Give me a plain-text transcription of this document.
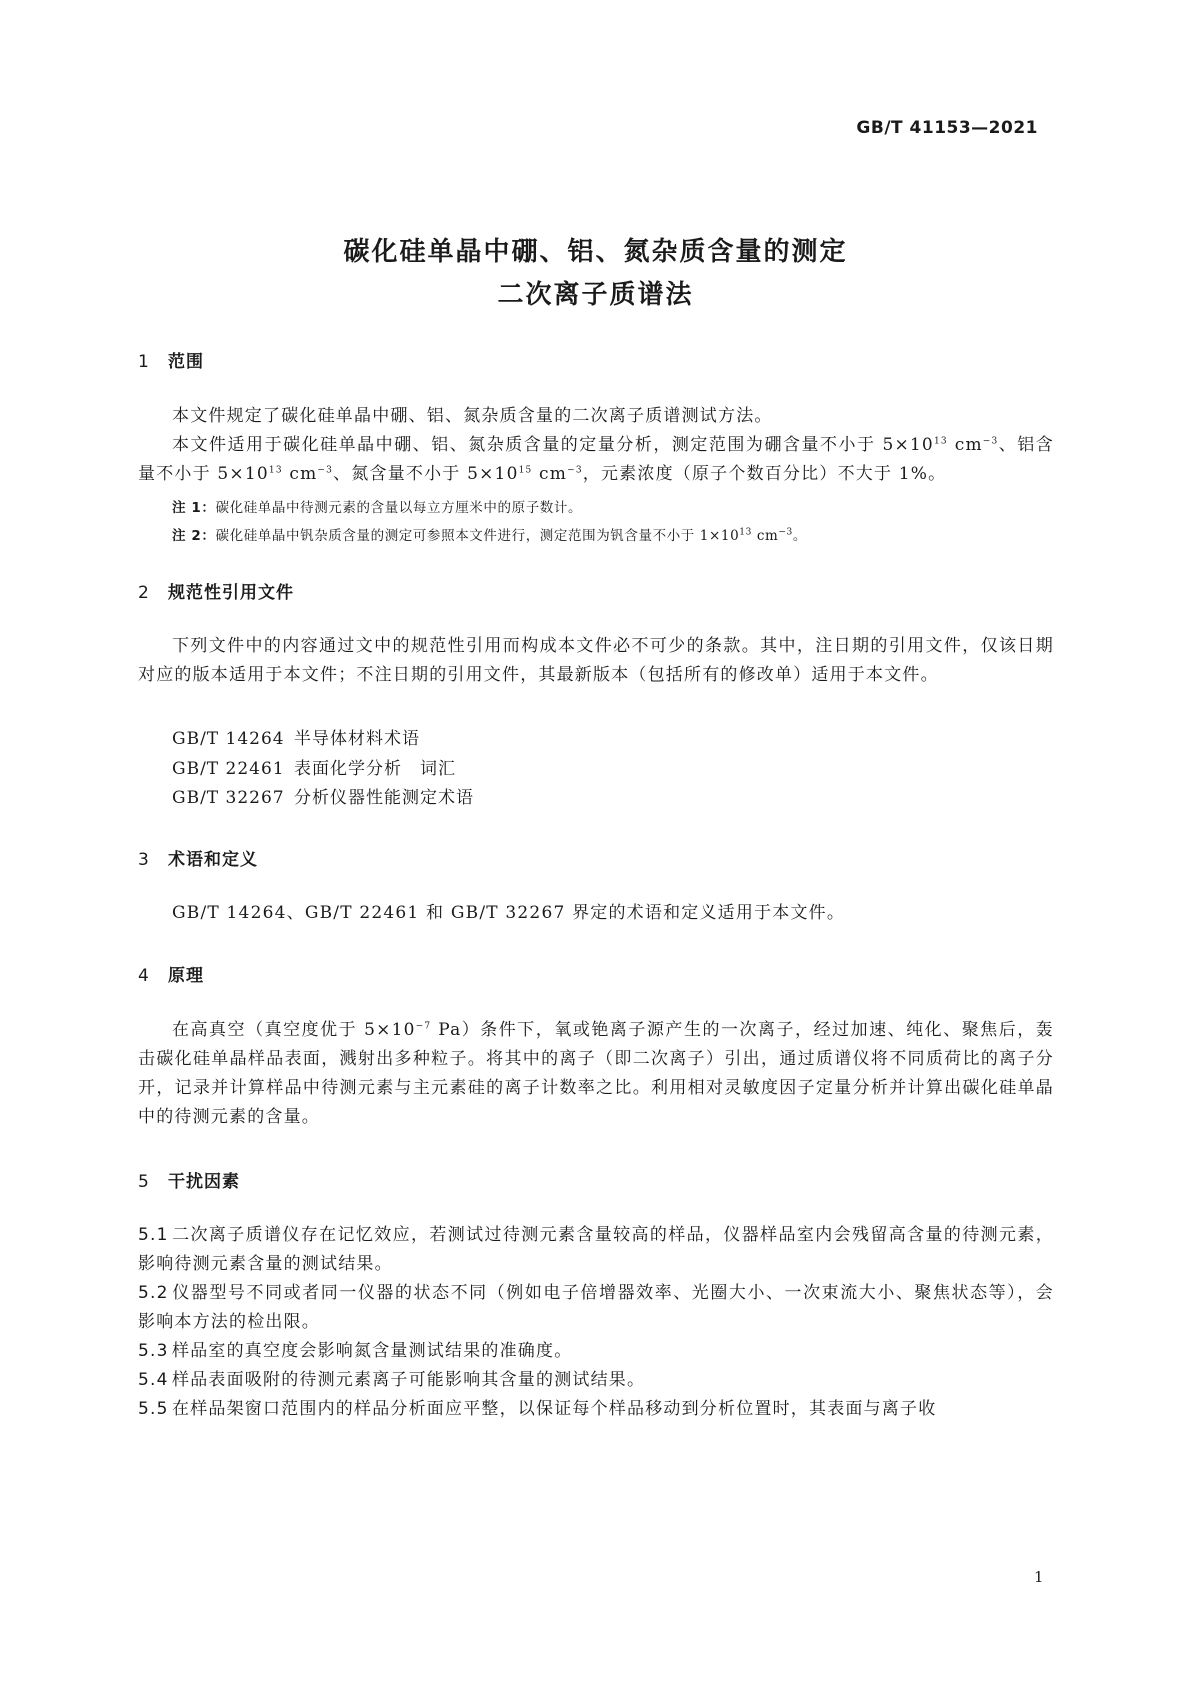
GB/T 41153—2021
碳化硅单晶中硼、铝、氮杂质含量的测定
二次离子质谱法
1 范围
本文件规定了碳化硅单晶中硼、铝、氮杂质含量的二次离子质谱测试方法。
本文件适用于碳化硅单晶中硼、铝、氮杂质含量的定量分析，测定范围为硼含量不小于 $5\times 10^{13}$ $cm^{-3}$、铝含量不小于 $5\times 10^{13}$ $cm^{-3}$、氮含量不小于 $5\times 10^{15}$ $cm^{-3}$，元素浓度（原子个数百分比）不大于 1%。
注 1：碳化硅单晶中待测元素的含量以每立方厘米中的原子数计。
注 2：碳化硅单晶中钒杂质含量的测定可参照本文件进行，测定范围为钒含量不小于 $1\times 10^{13}$ $cm^{-3}$。
2 规范性引用文件
下列文件中的内容通过文中的规范性引用而构成本文件必不可少的条款。其中，注日期的引用文件，仅该日期对应的版本适用于本文件；不注日期的引用文件，其最新版本（包括所有的修改单）适用于本文件。
GB/T 14264 半导体材料术语
GB/T 22461 表面化学分析　词汇
GB/T 32267 分析仪器性能测定术语
3 术语和定义
GB/T 14264、GB/T 22461 和 GB/T 32267 界定的术语和定义适用于本文件。
4 原理
在高真空（真空度优于 $5\times 10^{-7}$ Pa）条件下，氧或铯离子源产生的一次离子，经过加速、纯化、聚焦后，轰击碳化硅单晶样品表面，溅射出多种粒子。将其中的离子（即二次离子）引出，通过质谱仪将不同质荷比的离子分开，记录并计算样品中待测元素与主元素硅的离子计数率之比。利用相对灵敏度因子定量分析并计算出碳化硅单晶中的待测元素的含量。
5 干扰因素
5.1 二次离子质谱仪存在记忆效应，若测试过待测元素含量较高的样品，仪器样品室内会残留高含量的待测元素，影响待测元素含量的测试结果。
5.2 仪器型号不同或者同一仪器的状态不同（例如电子倍增器效率、光圈大小、一次束流大小、聚焦状态等），会影响本方法的检出限。
5.3 样品室的真空度会影响氮含量测试结果的准确度。
5.4 样品表面吸附的待测元素离子可能影响其含量的测试结果。
5.5 在样品架窗口范围内的样品分析面应平整，以保证每个样品移动到分析位置时，其表面与离子收
1
